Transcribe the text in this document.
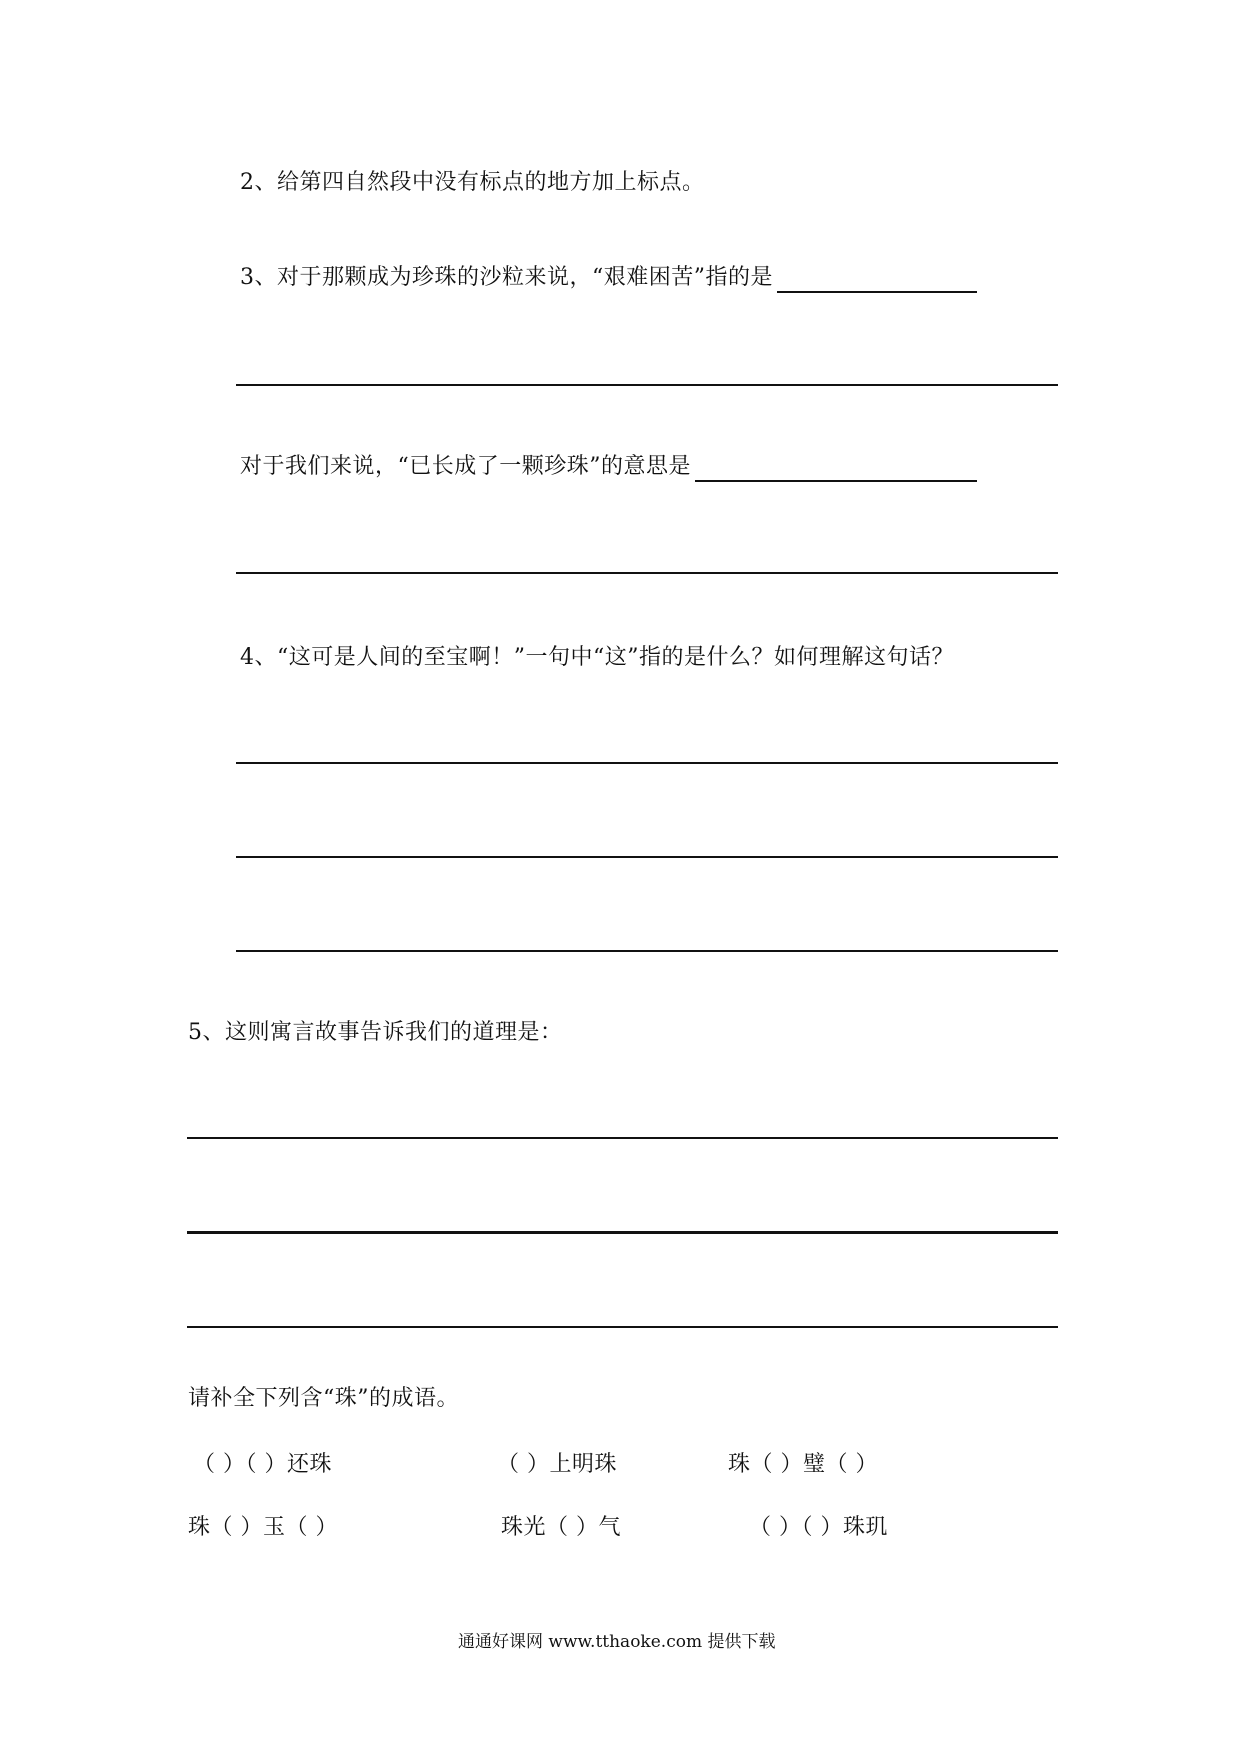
2、给第四自然段中没有标点的地方加上标点。
3、对于那颗成为珍珠的沙粒来说，“艰难困苦”指的是
对于我们来说，“已长成了一颗珍珠”的意思是
4、“这可是人间的至宝啊！”一句中“这”指的是什么？如何理解这句话？
5、这则寓言故事告诉我们的道理是：
请补全下列含“珠”的成语。
（ ）（ ）还珠	（ ）上明珠	珠（ ）璧（ ）
珠（ ）玉（ ）	珠光（ ）气	（ ）（ ）珠玑
通通好课网 www.tthaoke.com 提供下载
